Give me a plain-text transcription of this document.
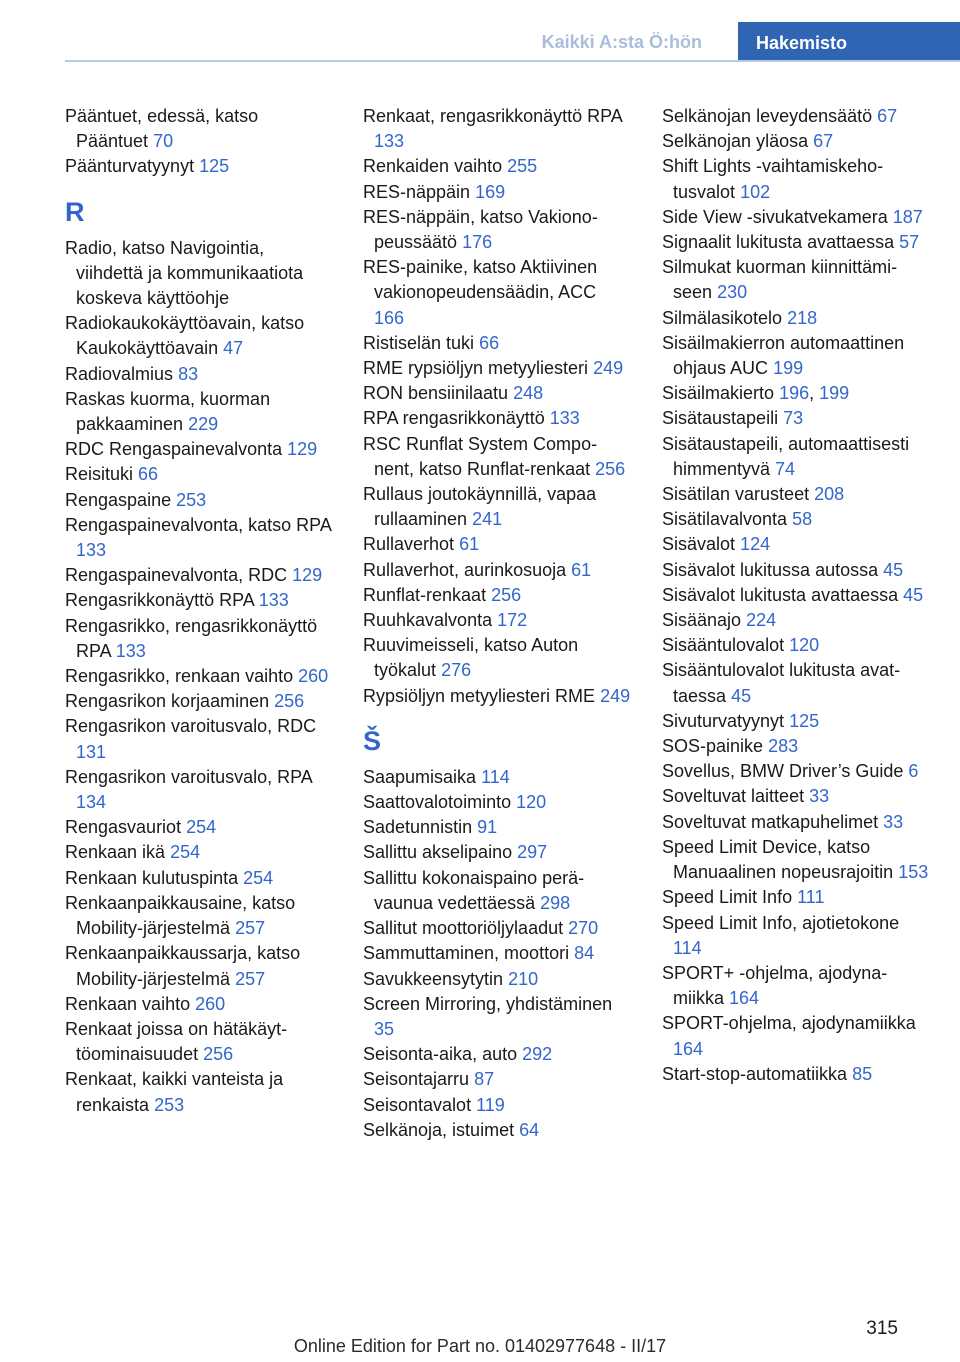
Kaikki A:sta Ö:hön	Hakemisto
Pääntuet, edessä, katso Pääntuet 70
Päänturvatyynyt 125
R
Radio, katso Navigointia, viihdettä ja kommunikaatiota koskeva käyttöohje
Radiokaukokäyttöavain, katso Kaukokäyttöavain 47
Radiovalmius 83
Raskas kuorma, kuorman pakkaaminen 229
RDC Rengaspainevalvonta 129
Reisituki 66
Rengaspaine 253
Rengaspainevalvonta, katso RPA 133
Rengaspainevalvonta, RDC 129
Rengasrikkonäyttö RPA 133
Rengasrikko, rengasrikkonäyttö RPA 133
Rengasrikko, renkaan vaihto 260
Rengasrikon korjaaminen 256
Rengasrikon varoitusvalo, RDC 131
Rengasrikon varoitusvalo, RPA 134
Rengasvauriot 254
Renkaan ikä 254
Renkaan kulutuspinta 254
Renkaanpaikkausaine, katso Mobility-järjestelmä 257
Renkaanpaikkaussarja, katso Mobility-järjestelmä 257
Renkaan vaihto 260
Renkaat joissa on hätäkäyttöominaisuudet 256
Renkaat, kaikki vanteista ja renkaista 253
Renkaat, rengasrikkonäyttö RPA 133
Renkaiden vaihto 255
RES-näppäin 169
RES-näppäin, katso Vakionopeussäätö 176
RES-painike, katso Aktiivinen vakionopeudensäädin, ACC 166
Ristiselän tuki 66
RME rypsiöljyn metyyliesteri 249
RON bensiinilaatu 248
RPA rengasrikkonäyttö 133
RSC Runflat System Component, katso Runflat-renkaat 256
Rullaus joutokäynnillä, vapaa rullaaminen 241
Rullaverhot 61
Rullaverhot, aurinkosuoja 61
Runflat-renkaat 256
Ruuhkavalvonta 172
Ruuvimeisseli, katso Auton työkalut 276
Rypsiöljyn metyyliesteri RME 249
Š
Saapumisaika 114
Saattovalotoiminto 120
Sadetunnistin 91
Sallittu akselipaino 297
Sallittu kokonaispaino perävaunua vedettäessä 298
Sallitut moottoriöljylaadut 270
Sammuttaminen, moottori 84
Savukkeensytytin 210
Screen Mirroring, yhdistäminen 35
Seisonta-aika, auto 292
Seisontajarru 87
Seisontavalot 119
Selkänoja, istuimet 64
Selkänojan leveydensäätö 67
Selkänojan yläosa 67
Shift Lights -vaihtamiskehotusvalot 102
Side View -sivukatvekamera 187
Signaalit lukitusta avattaessa 57
Silmukat kuorman kiinnittämiseen 230
Silmälasikotelo 218
Sisäilmakierron automaattinen ohjaus AUC 199
Sisäilmakierto 196, 199
Sisätaustapeili 73
Sisätaustapeili, automaattisesti himmentyvä 74
Sisätilan varusteet 208
Sisätilavalvonta 58
Sisävalot 124
Sisävalot lukitussa autossa 45
Sisävalot lukitusta avattaessa 45
Sisäänajo 224
Sisääntulovalot 120
Sisääntulovalot lukitusta avattaessa 45
Sivuturvatyynyt 125
SOS-painike 283
Sovellus, BMW Driver’s Guide 6
Soveltuvat laitteet 33
Soveltuvat matkapuhelimet 33
Speed Limit Device, katso Manuaalinen nopeusrajoitin 153
Speed Limit Info 111
Speed Limit Info, ajotietokone 114
SPORT+ -ohjelma, ajodynamiikka 164
SPORT-ohjelma, ajodynamiikka 164
Start-stop-automatiikka 85
315
Online Edition for Part no. 01402977648 - II/17
